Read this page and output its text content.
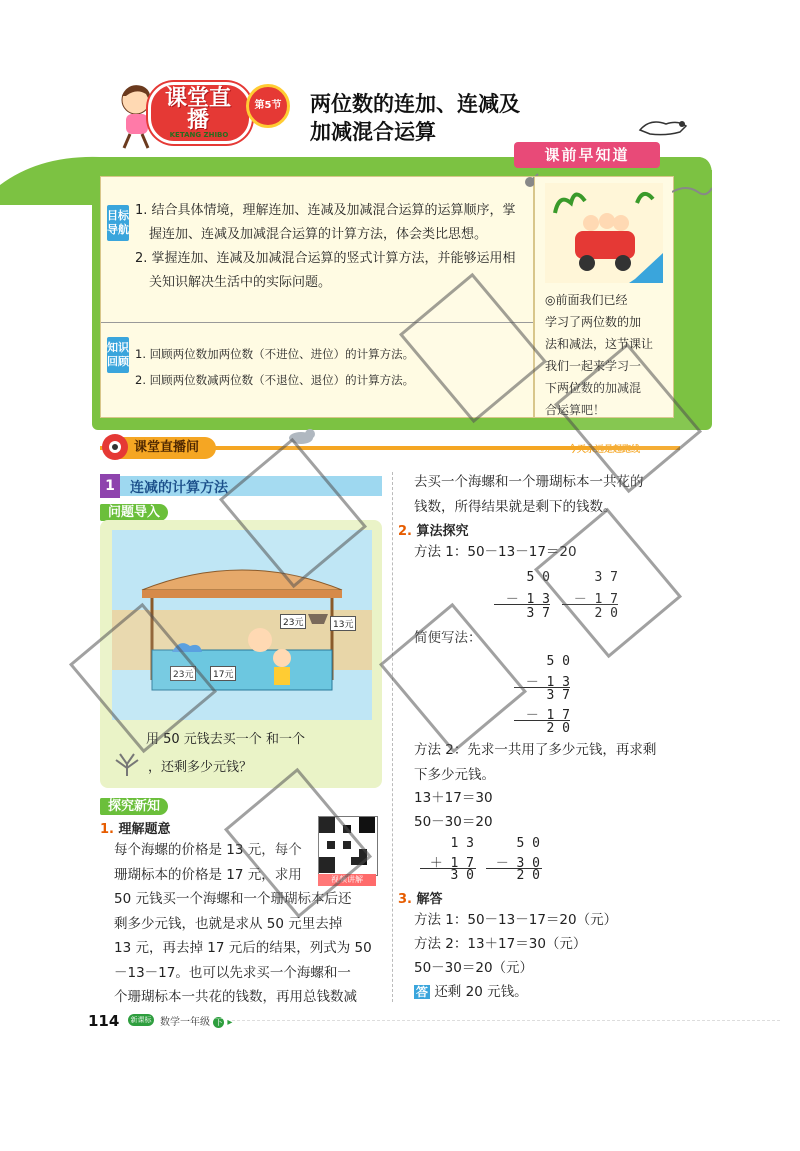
课堂直播
KETANG ZHIBO
第5节	两位数的连加、连减及
加减混合运算
课前早知道
目标导航
1. 结合具体情境，理解连加、连减及加减混合运算的运算顺序，掌
握连加、连减及加减混合运算的计算方法，体会类比思想。
2. 掌握连加、连减及加减混合运算的竖式计算方法，并能够运用相
关知识解决生活中的实际问题。
知识回顾
1. 回顾两位数加两位数（不进位、进位）的计算方法。
2. 回顾两位数减两位数（不退位、退位）的计算方法。
◎前面我们已经
学习了两位数的加
法和减法，这节课让
我们一起来学习一
下两位数的加减混
合运算吧！
课堂直播间	今天永远是起跑线
1	连减的计算方法
问题导入
23元	17元
23元	13元
用 50 元钱去买一个 和一个
，还剩多少元钱？
探究新知
1. 理解题意
视频讲解
每个海螺的价格是 13 元，每个
珊瑚标本的价格是 17 元，求用
50 元钱买一个海螺和一个珊瑚标本后还
剩多少元钱，也就是求从 50 元里去掉
13 元，再去掉 17 元后的结果，列式为 50
－13－17。也可以先求买一个海螺和一
个珊瑚标本一共花的钱数，再用总钱数减
去买一个海螺和一个珊瑚标本一共花的
钱数，所得结果就是剩下的钱数。
2. 算法探究
方法 1：50－13－17＝20
5 0
－ 1 3
3 7
3 7
－ 1 7
2 0
简便写法：
5 0
－ 1 3
3 7
－ 1 7
2 0
方法 2：先求一共用了多少元钱，再求剩
下多少元钱。
13＋17＝30
50－30＝20
1 3
＋ 1 7
3 0
5 0
－ 3 0
2 0
3. 解答
方法 1：50－13－17＝20（元）
方法 2：13＋17＝30（元）
50－30＝20（元）
答 还剩 20 元钱。
114	新课标 数学一年级 下 ▸
